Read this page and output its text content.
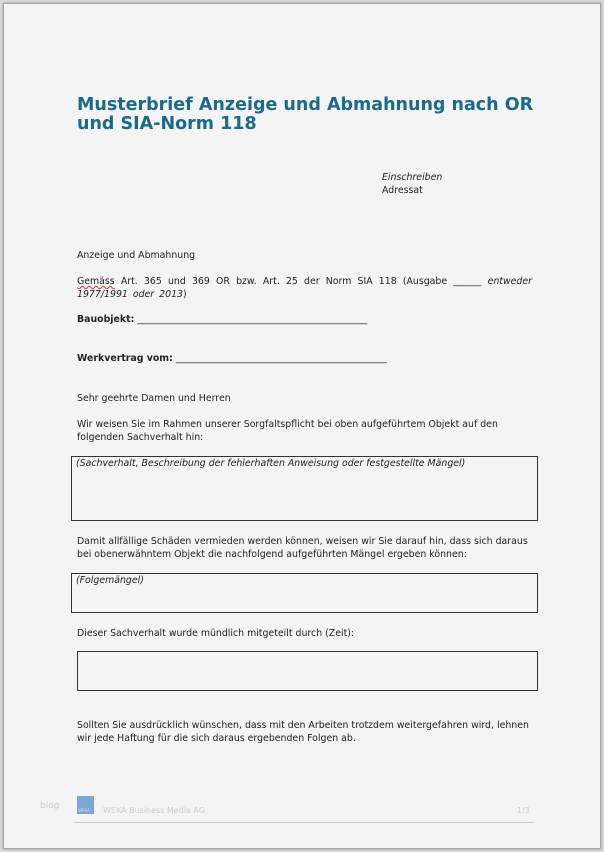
Musterbrief Anzeige und Abmahnung nach OR und SIA-Norm 118
Einschreiben
Adressat
Anzeige und Abmahnung
Gemäss Art. 365 und 369 OR bzw. Art. 25 der Norm SIA 118 (Ausgabe ______ entweder 1977/1991 oder 2013)
Bauobjekt: _________________________________________________
Werkvertrag vom: _____________________________________________
Sehr geehrte Damen und Herren
Wir weisen Sie im Rahmen unserer Sorgfaltspflicht bei oben aufgeführtem Objekt auf den folgenden Sachverhalt hin:
(Sachverhalt, Beschreibung der fehlerhaften Anweisung oder festgestellte Mängel)
Damit allfällige Schäden vermieden werden können, weisen wir Sie darauf hin, dass sich daraus bei obenerwähntem Objekt die nachfolgend aufgeführten Mängel ergeben können:
(Folgemängel)
Dieser Sachverhalt wurde mündlich mitgeteilt durch (Zeit):
Sollten Sie ausdrücklich wünschen, dass mit den Arbeiten trotzdem weitergefahren wird, lehnen wir jede Haftung für die sich daraus ergebenden Folgen ab.
blog	WEKA WEKA Business Media AG	1/3
